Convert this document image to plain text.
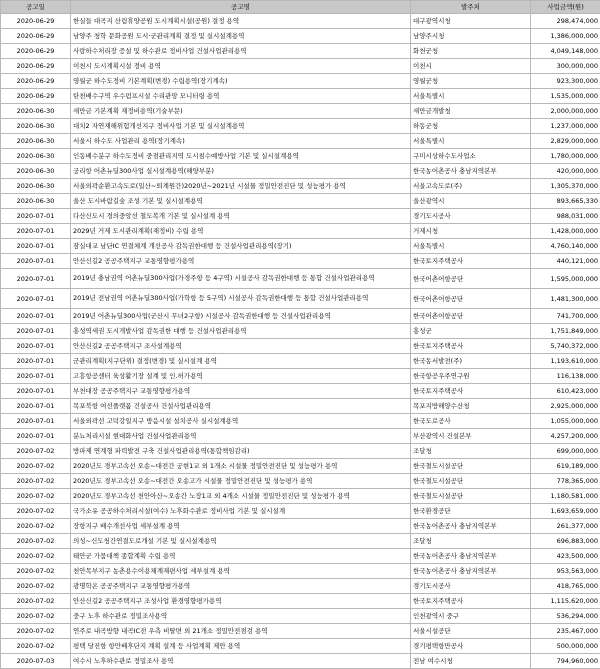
공고일	공고명	발주처	사업금액(원)
2020-06-29	한실들 대곡지 산림휴양공원 도시계획시설(공원) 결정 용역	대구광역시청	298,474,000
2020-06-29	남양주 청학 문화공원 도시·군관리계획 결정 및 실시설계용역	남양주시청	1,386,000,000
2020-06-29	사랑하수처리장 증설 및 하수관로 정비사업 건설사업관리용역	화천군청	4,049,148,000
2020-06-29	이천시 도시계획시설 정비 용역	이천시	300,000,000
2020-06-29	영월군 하수도정비 기본계획(변경) 수립용역(장기계속)	영월군청	923,300,000
2020-06-29	탄천배수구역 우수펌프시설 수리관망 모니터링 용역	서울특별시	1,535,000,000
2020-06-30	새만금 기본계획 재정비용역(기술부문)	새만금개발청	2,000,000,000
2020-06-30	대치2 자연재해위험개선지구 정비사업 기본 및 실시설계용역	하동군청	1,237,000,000
2020-06-30	서울시 하수도 사업관리 용역(장기계속)	서울특별시	2,829,000,000
2020-06-30	인동배수분구 하수도정비 중점관리지역 도시침수예방사업 기본 및 실시설계용역	구미시상하수도사업소	1,780,000,000
2020-06-30	궁리항 어촌뉴딜300사업 실시설계용역(해양부분)	한국농어촌공사 충남지역본부	420,000,000
2020-06-30	서울외곽순환고속도로(일산~퇴계원간)2020년~2021년 시설물 정밀안전진단 및 성능평가 용역	서울고속도로(주)	1,305,370,000
2020-06-30	울산 도시바람길숲 조성 기본 및 실시설계용역	울산광역시	893,665,330
2020-07-01	다산신도시 경의중앙선 철도복개 기본 및 실시설계 용역	경기도시공사	988,031,000
2020-07-01	2029년 거제 도시관리계획(재정비) 수립 용역	거제시청	1,428,000,000
2020-07-01	잠실대교 남단IC 연결체계 개선공사 감독권한대행 등 건설사업관리용역(장기)	서울특별시	4,760,140,000
2020-07-01	안산신길2 공공주택지구 교통영향평가용역	한국토지주택공사	440,121,000
2020-07-01	2019년 충남권역 어촌뉴딜300사업(가경주항 등 4구역) 시설공사 감독권한대행 등 통합 건설사업관리용역	한국어촌어항공단	1,595,000,000
2020-07-01	2019년 전남권역 어촌뉴딜300사업(가학항 등 5구역) 시설공사 감독권한대행 등 통합 건설사업관리용역	한국어촌어항공단	1,481,300,000
2020-07-01	2019년 어촌뉴딜300사업(군산시 무녀2구항) 시설공사 감독권한대행 등 건설사업관리용역	한국어촌어항공단	741,700,000
2020-07-01	홍성역세권 도시개발사업 감독권한 대행 등 건설사업관리용역	홍성군	1,751,849,000
2020-07-01	안산신길2 공공주택지구 조사설계용역	한국토지주택공사	5,740,372,000
2020-07-01	군관리계획(지구단위) 결정(변경) 및 실시설계 용역	한국동서발전(주)	1,193,610,000
2020-07-01	고흥항공센터 육상활기장 설계 및 인.허가용역	한국항공우주연구원	116,138,000
2020-07-01	부천대장 공공주택지구 교통영향평가용역	한국토지주택공사	610,423,000
2020-07-01	목포북항 여선플랫폼 건설공사 건설사업관리용역	목포지방해양수산청	2,925,000,000
2020-07-01	서울외곽선 고덕강일지구 방음시설 설치공사 실시설계용역	한국도로공사	1,055,000,000
2020-07-01	분뇨처리시설 현대화사업 건설사업관리용역	부산광역시 건설본부	4,257,200,000
2020-07-02	방파제 연계형 파력발전 구축 건설사업관리용역(통합책임감리)	조달청	699,000,000
2020-07-02	2020년도 경부고속선 오송~대전간 궁현1교 외 1개소 시설물 정밀안전진단 및 성능평가 용역	한국철도시설공단	619,189,000
2020-07-02	2020년도 경부고속선 오송~대전간 오송고가 시설물 정밀안전진단 및 성능평가 용역	한국철도시설공단	778,365,000
2020-07-02	2020년도 경부고속선 천안아산~오송간 노장1교 외 4개소 시설물 정밀안전진단 및 성능평가 용역	한국철도시설공단	1,180,581,000
2020-07-02	국가소유 공공하수처리시설(여수) 노후화수관로 정비사업 기본 및 실시설계	한국환경공단	1,693,659,000
2020-07-02	장항지구 배수개선사업 세부설계 용역	한국농어촌공사 충남지역본부	261,377,000
2020-07-02	의성~신도청간연결도로개설 기본 및 실시설계용역	조달청	696,883,000
2020-07-02	태안군 가뭄대책 종합계획 수립 용역	한국농어촌공사 충남지역본부	423,500,000
2020-07-02	천안목부지구 농촌용수이용체계재편사업 세부설계 용역	한국농어촌공사 충남지역본부	953,563,000
2020-07-02	광명학온 공공주택지구 교통영향평가용역	경기도시공사	418,765,000
2020-07-02	안산신길2 공공주택지구 조성사업 환경영향평가용역	한국토지주택공사	1,115,620,000
2020-07-02	중구 노후 하수관로 정밀조사용역	인천광역시 중구	536,294,000
2020-07-02	연주로 내곡방향 내곡IC전 우측 비탈면 외 21개소 정밀안전점검 용역	서울시설공단	235,467,000
2020-07-02	평택 당진항 항만배후단지 계획 설계 등 사업계획 제안 용역	경기평택항만공사	500,000,000
2020-07-03	여수시 노후하수관로 정밀조사 용역	전남 여수시청	794,960,000
